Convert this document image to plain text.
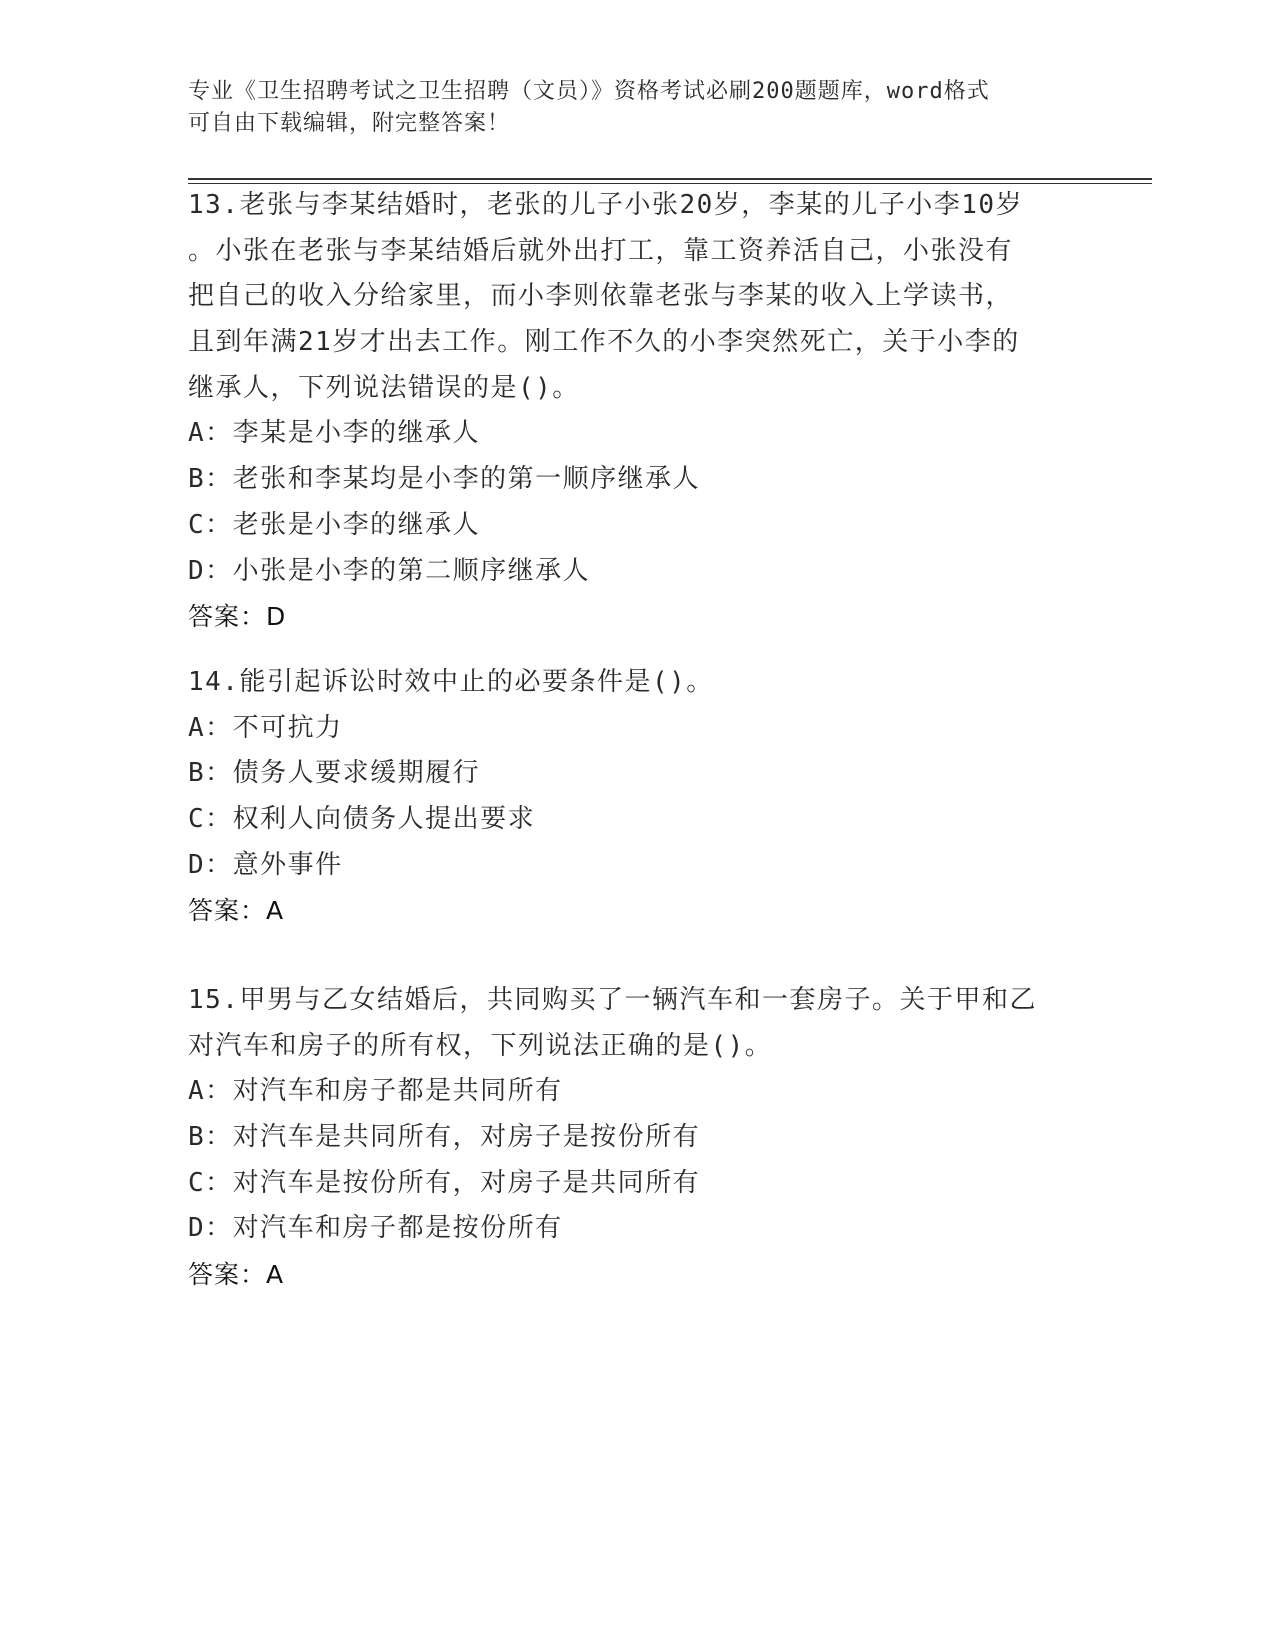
专业《卫生招聘考试之卫生招聘（文员）》资格考试必刷200题题库，word格式
可自由下载编辑，附完整答案！
13.老张与李某结婚时，老张的儿子小张20岁，李某的儿子小李10岁
。小张在老张与李某结婚后就外出打工，靠工资养活自己，小张没有
把自己的收入分给家里，而小李则依靠老张与李某的收入上学读书，
且到年满21岁才出去工作。刚工作不久的小李突然死亡，关于小李的
继承人，下列说法错误的是()。
A：李某是小李的继承人
B：老张和李某均是小李的第一顺序继承人
C：老张是小李的继承人
D：小张是小李的第二顺序继承人
答案：D
14.能引起诉讼时效中止的必要条件是()。
A：不可抗力
B：债务人要求缓期履行
C：权利人向债务人提出要求
D：意外事件
答案：A
15.甲男与乙女结婚后，共同购买了一辆汽车和一套房子。关于甲和乙
对汽车和房子的所有权，下列说法正确的是()。
A：对汽车和房子都是共同所有
B：对汽车是共同所有，对房子是按份所有
C：对汽车是按份所有，对房子是共同所有
D：对汽车和房子都是按份所有
答案：A
